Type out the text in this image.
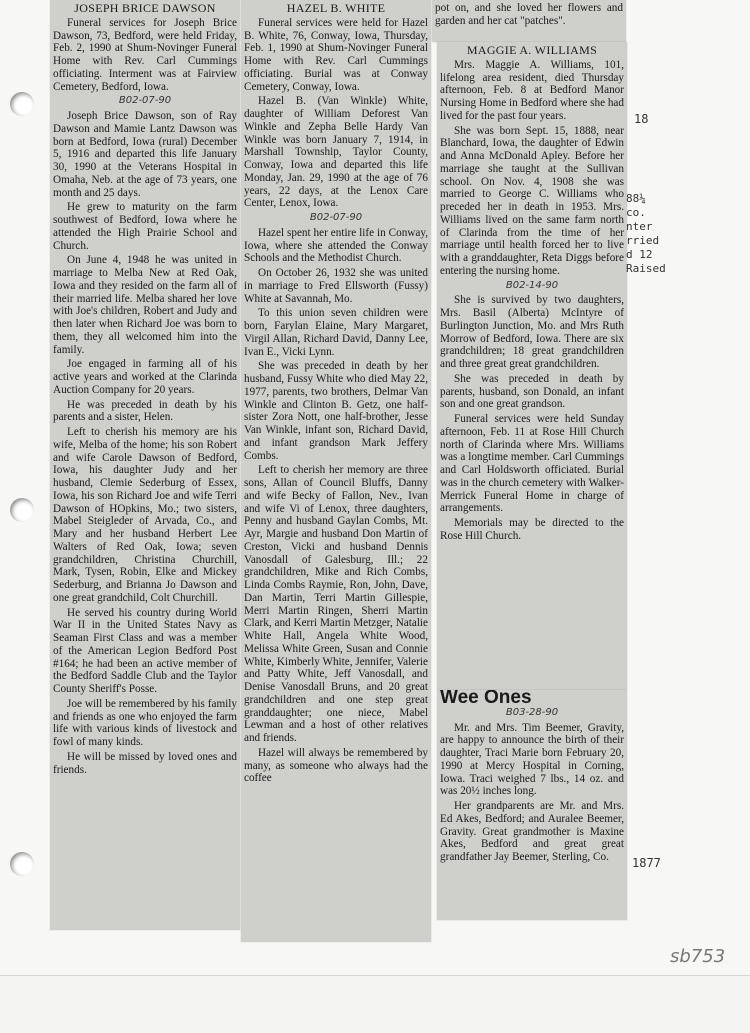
JOSEPH BRICE DAWSON

Funeral services for Joseph Brice Dawson, 73, Bedford, were held Friday, Feb. 2, 1990 at Shum-Novinger Funeral Home with Rev. Carl Cummings officiating. Interment was at Fairview Cemetery, Bedford, Iowa.

B02-07-90

Joseph Brice Dawson, son of Ray Dawson and Mamie Lantz Dawson was born at Bedford, Iowa (rural) December 5, 1916 and departed this life January 30, 1990 at the Veterans Hospital in Omaha, Neb. at the age of 73 years, one month and 25 days.

He grew to maturity on the farm southwest of Bedford, Iowa where he attended the High Prairie School and Church.

On June 4, 1948 he was united in marriage to Melba New at Red Oak, Iowa and they resided on the farm all of their married life. Melba shared her love with Joe's children, Robert and Judy and then later when Richard Joe was born to them, they all welcomed him into the family.

Joe engaged in farming all of his active years and worked at the Clarinda Auction Company for 20 years.

He was preceded in death by his parents and a sister, Helen.

Left to cherish his memory are his wife, Melba of the home; his son Robert and wife Carole Dawson of Bedford, Iowa, his daughter Judy and her husband, Clemie Sederburg of Essex, Iowa, his son Richard Joe and wife Terri Dawson of HOpkins, Mo.; two sisters, Mabel Steigleder of Arvada, Co., and Mary and her husband Herbert Lee Walters of Red Oak, Iowa; seven grandchildren, Christina Churchill, Mark, Tysen, Robin, Elke and Mickey Sederburg, and Brianna Jo Dawson and one great grandchild, Colt Churchill.

He served his country during World War II in the United States Navy as Seaman First Class and was a member of the American Legion Bedford Post #164; he had been an active member of the Bedford Saddle Club and the Taylor County Sheriff's Posse.

Joe will be remembered by his family and friends as one who enjoyed the farm life with various kinds of livestock and fowl of many kinds.

He will be missed by loved ones and friends.

HAZEL B. WHITE

Funeral services were held for Hazel B. White, 76, Conway, Iowa, Thursday, Feb. 1, 1990 at Shum-Novinger Funeral Home with Rev. Carl Cummings officiating. Burial was at Conway Cemetery, Conway, Iowa.

Hazel B. (Van Winkle) White, daughter of William Deforest Van Winkle and Zepha Belle Hardy Van Winkle was born January 7, 1914, in Marshall Township, Taylor County, Conway, Iowa and departed this life Monday, Jan. 29, 1990 at the age of 76 years, 22 days, at the Lenox Care Center, Lenox, Iowa.

B02-07-90

Hazel spent her entire life in Conway, Iowa, where she attended the Conway Schools and the Methodist Church.

On October 26, 1932 she was united in marriage to Fred Ellsworth (Fussy) White at Savannah, Mo.

To this union seven children were born, Farylan Elaine, Mary Margaret, Virgil Allan, Richard David, Danny Lee, Ivan E., Vicki Lynn.

She was preceded in death by her husband, Fussy White who died May 22, 1977, parents, two brothers, Delmar Van Winkle and Clinton B. Getz, one half-sister Zora Nott, one half-brother, Jesse Van Winkle, infant son, Richard David, and infant grandson Mark Jeffery Combs.

Left to cherish her memory are three sons, Allan of Council Bluffs, Danny and wife Becky of Fallon, Nev., Ivan and wife Vi of Lenox, three daughters, Penny and husband Gaylan Combs, Mt. Ayr, Margie and husband Don Martin of Creston, Vicki and husband Dennis Vanosdall of Galesburg, Ill.; 22 grandchildren, Mike and Rich Combs, Linda Combs Raymie, Ron, John, Dave, Dan Martin, Terri Martin Gillespie, Merri Martin Ringen, Sherri Martin Clark, and Kerri Martin Metzger, Natalie White Hall, Angela White Wood, Melissa White Green, Susan and Connie White, Kimberly White, Jennifer, Valerie and Patty White, Jeff Vanosdall, and Denise Vanosdall Bruns, and 20 great grandchildren and one step great granddaughter; one niece, Mabel Lewman and a host of other relatives and friends.

Hazel will always be remembered by many, as someone who always had the coffee

pot on, and she loved her flowers and garden and her cat "patches".

MAGGIE A. WILLIAMS

Mrs. Maggie A. Williams, 101, lifelong area resident, died Thursday afternoon, Feb. 8 at Bedford Manor Nursing Home in Bedford where she had lived for the past four years.

She was born Sept. 15, 1888, near Blanchard, Iowa, the daughter of Edwin and Anna McDonald Apley. Before her marriage she taught at the Sullivan school. On Nov. 4, 1908 she was married to George C. Williams who preceded her in death in 1953. Mrs. Williams lived on the same farm north of Clarinda from the time of her marriage until health forced her to live with a granddaughter, Reta Diggs before entering the nursing home.

B02-14-90

She is survived by two daughters, Mrs. Basil (Alberta) McIntyre of Burlington Junction, Mo. and Mrs Ruth Morrow of Bedford, Iowa. There are six grandchildren; 18 great grandchildren and three great great grandchildren.

She was preceded in death by parents, husband, son Donald, an infant son and one great grandson.

Funeral services were held Sunday afternoon, Feb. 11 at Rose Hill Church north of Clarinda where Mrs. Williams was a longtime member. Carl Cummings and Carl Holdsworth officiated. Burial was in the church cemetery with Walker-Merrick Funeral Home in charge of arrangements.

Memorials may be directed to the Rose Hill Church.

Wee Ones

B03-28-90

Mr. and Mrs. Tim Beemer, Gravity, are happy to announce the birth of their daughter, Traci Marie born February 20, 1990 at Mercy Hospital in Corning, Iowa. Traci weighed 7 lbs., 14 oz. and was 20½ inches long.

Her grandparents are Mr. and Mrs. Ed Akes, Bedford; and Auralee Beemer, Gravity. Great grandmother is Maxine Akes, Bedford and great great grandfather Jay Beemer, Sterling, Co.

18
88¼
co.
nter
rried
d 12
Raised
1877
sb753
